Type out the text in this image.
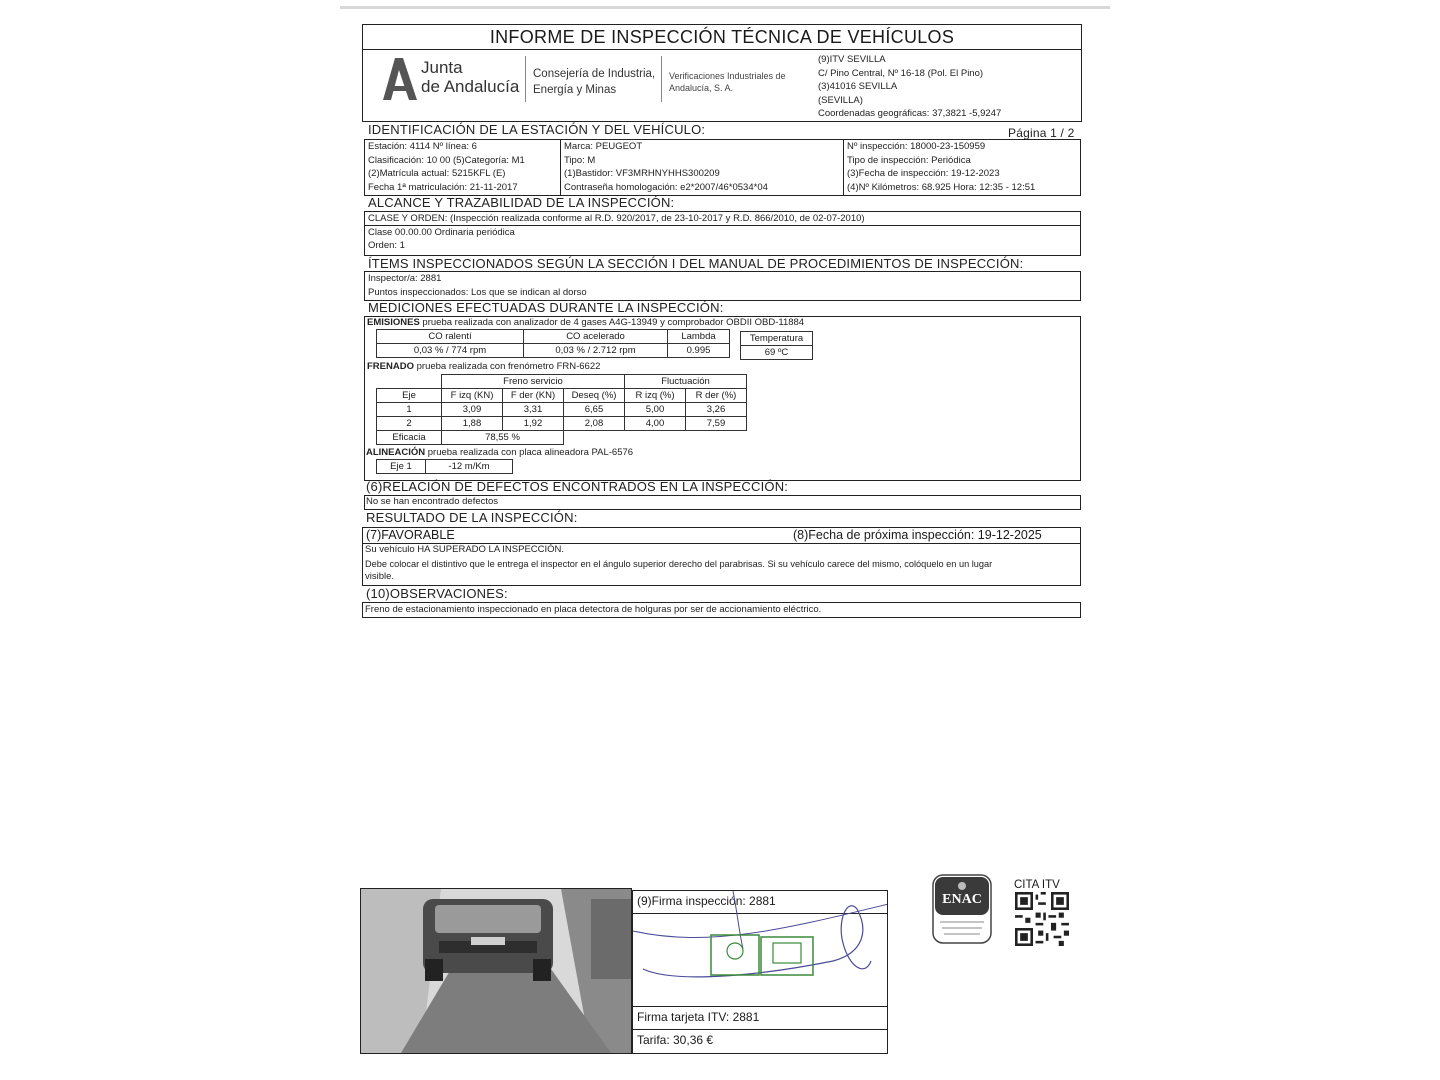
INFORME DE INSPECCIÓN TÉCNICA DE VEHÍCULOS
Junta
de Andalucía
Consejería de Industria,
Energía y Minas
Verificaciones Industriales de
Andalucía, S. A.
(9)ITV SEVILLA
C/ Pino Central, Nº 16-18 (Pol. El Pino)
(3)41016 SEVILLA
(SEVILLA)
Coordenadas geográficas: 37,3821 -5,9247
IDENTIFICACIÓN DE LA ESTACIÓN Y DEL VEHÍCULO:	Página 1 / 2
Estación: 4114 Nº línea: 6
Clasificación: 10 00 (5)Categoría: M1
(2)Matrícula actual: 5215KFL (E)
Fecha 1ª matriculación: 21-11-2017
Marca: PEUGEOT
Tipo: M
(1)Bastidor: VF3MRHNYHHS300209
Contraseña homologación: e2*2007/46*0534*04
Nº inspección: 18000-23-150959
Tipo de inspección: Periódica
(3)Fecha de inspección: 19-12-2023
(4)Nº Kilómetros: 68.925 Hora: 12:35 - 12:51
ALCANCE Y TRAZABILIDAD DE LA INSPECCIÓN:
CLASE Y ORDEN: (Inspección realizada conforme al R.D. 920/2017, de 23-10-2017 y R.D. 866/2010, de 02-07-2010)
Clase 00.00.00 Ordinaria periódica
Orden: 1
ÍTEMS INSPECCIONADOS SEGÚN LA SECCIÓN I DEL MANUAL DE PROCEDIMIENTOS DE INSPECCIÓN:
Inspector/a: 2881
Puntos inspeccionados: Los que se indican al dorso
MEDICIONES EFECTUADAS DURANTE LA INSPECCIÓN:
EMISIONES prueba realizada con analizador de 4 gases A4G-13949 y comprobador OBDII OBD-11884
CO ralentí	CO acelerado	Lambda
0,03 % / 774 rpm	0,03 % / 2.712 rpm	0.995
Temperatura
69 ºC
FRENADO prueba realizada con frenómetro FRN-6622
	Freno servicio			Fluctuación	
Eje	F izq (KN)	F der (KN)	Deseq (%)	R izq (%)	R der (%)
1	3,09	3,31	6,65	5,00	3,26
2	1,88	1,92	2,08	4,00	7,59
Eficacia	78,55 %				
ALINEACIÓN prueba realizada con placa alineadora PAL-6576
Eje 1	-12 m/Km
(6)RELACIÓN DE DEFECTOS ENCONTRADOS EN LA INSPECCIÓN:
No se han encontrado defectos
RESULTADO DE LA INSPECCIÓN:
(7)FAVORABLE	(8)Fecha de próxima inspección: 19-12-2025
Su vehículo HA SUPERADO LA INSPECCIÓN.
Debe colocar el distintivo que le entrega el inspector en el ángulo superior derecho del parabrisas. Si su vehículo carece del mismo, colóquelo en un lugar
visible.
(10)OBSERVACIONES:
Freno de estacionamiento inspeccionado en placa detectora de holguras por ser de accionamiento eléctrico.
(9)Firma inspección: 2881
Firma tarjeta ITV: 2881
Tarifa: 30,36 €
ENAC
CITA ITV
